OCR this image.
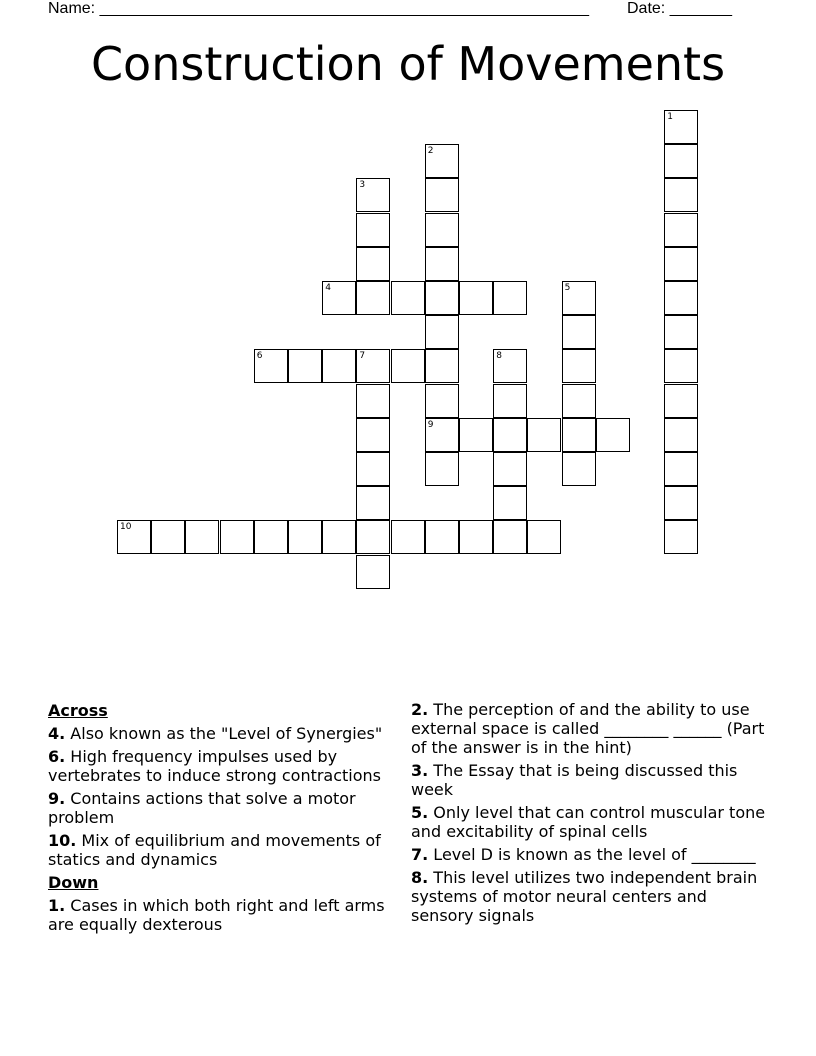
Name: _______________________________________________________ Date: _______
Construction of Movements
1
2
9
3
4	5
6	7	8
10
Across
4. Also known as the "Level of Synergies"
6. High frequency impulses used by vertebrates to induce strong contractions
9. Contains actions that solve a motor problem
10. Mix of equilibrium and movements of statics and dynamics
Down
1. Cases in which both right and left arms are equally dexterous
2. The perception of and the ability to use external space is called ________ ______ (Part of the answer is in the hint)
3. The Essay that is being discussed this week
5. Only level that can control muscular tone and excitability of spinal cells
7. Level D is known as the level of ________
8. This level utilizes two independent brain systems of motor neural centers and sensory signals
